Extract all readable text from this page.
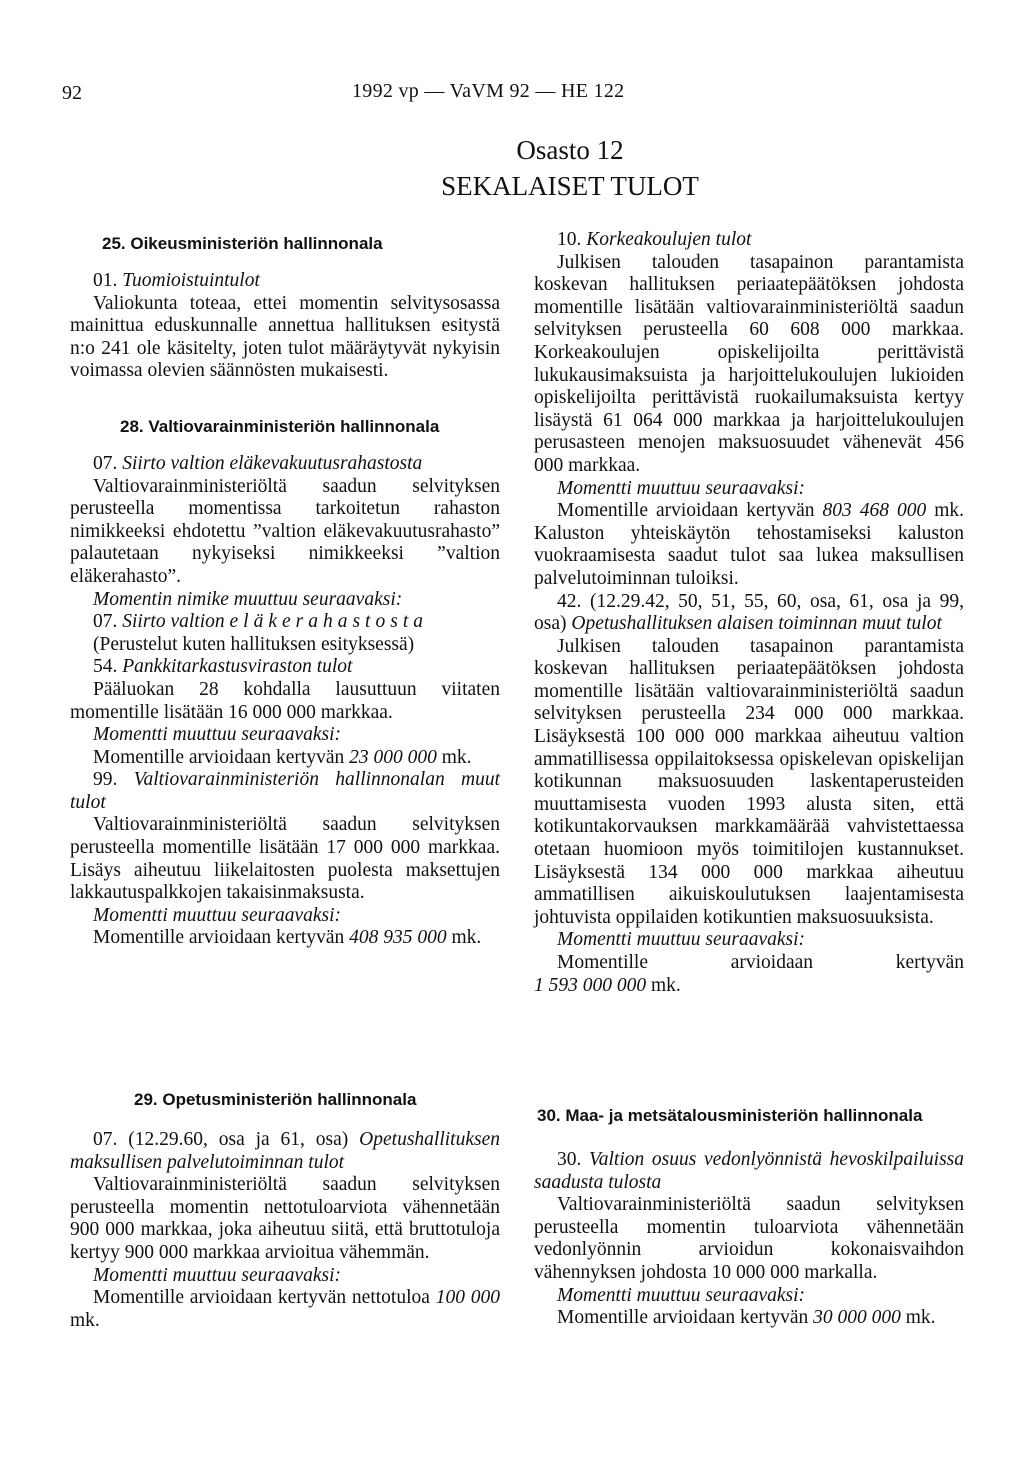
92	1992 vp — VaVM 92 — HE 122
Osasto 12
SEKALAISET TULOT

25. Oikeusministeriön hallinnonala

01. Tuomioistuintulot

Valiokunta toteaa, ettei momentin selvitysosassa mainittua eduskunnalle annettua hallituksen esitystä n:o 241 ole käsitelty, joten tulot määräytyvät nykyisin voimassa olevien säännösten mukaisesti.

28. Valtiovarainministeriön hallinnonala

07. Siirto valtion eläkevakuutusrahastosta

Valtiovarainministeriöltä saadun selvityksen perusteella momentissa tarkoitetun rahaston nimikkeeksi ehdotettu ”valtion eläkevakuutusrahasto” palautetaan nykyiseksi nimikkeeksi ”valtion eläkerahasto”.

Momentin nimike muuttuu seuraavaksi:

07. Siirto valtion eläkerahastosta

(Perustelut kuten hallituksen esityksessä)

54. Pankkitarkastusviraston tulot

Pääluokan 28 kohdalla lausuttuun viitaten momentille lisätään 16 000 000 markkaa.

Momentti muuttuu seuraavaksi:

Momentille arvioidaan kertyvän 23 000 000 mk.

99. Valtiovarainministeriön hallinnonalan muut tulot

Valtiovarainministeriöltä saadun selvityksen perusteella momentille lisätään 17 000 000 markkaa. Lisäys aiheutuu liikelaitosten puolesta maksettujen lakkautuspalkkojen takaisinmaksusta.

Momentti muuttuu seuraavaksi:

Momentille arvioidaan kertyvän 408 935 000 mk.

29. Opetusministeriön hallinnonala

07. (12.29.60, osa ja 61, osa) Opetushallituksen maksullisen palvelutoiminnan tulot

Valtiovarainministeriöltä saadun selvityksen perusteella momentin nettotuloarviota vähennetään 900 000 markkaa, joka aiheutuu siitä, että bruttotuloja kertyy 900 000 markkaa arvioitua vähemmän.

Momentti muuttuu seuraavaksi:

Momentille arvioidaan kertyvän nettotuloa 100 000 mk.

10. Korkeakoulujen tulot

Julkisen talouden tasapainon parantamista koskevan hallituksen periaatepäätöksen johdosta momentille lisätään valtiovarainministeriöltä saadun selvityksen perusteella 60 608 000 markkaa. Korkeakoulujen opiskelijoilta perittävistä lukukausimaksuista ja harjoittelukoulujen lukioiden opiskelijoilta perittävistä ruokailumaksuista kertyy lisäystä 61 064 000 markkaa ja harjoittelukoulujen perusasteen menojen maksuosuudet vähenevät 456 000 markkaa.

Momentti muuttuu seuraavaksi:

Momentille arvioidaan kertyvän 803 468 000 mk. Kaluston yhteiskäytön tehostamiseksi kaluston vuokraamisesta saadut tulot saa lukea maksullisen palvelutoiminnan tuloiksi.

42. (12.29.42, 50, 51, 55, 60, osa, 61, osa ja 99, osa) Opetushallituksen alaisen toiminnan muut tulot

Julkisen talouden tasapainon parantamista koskevan hallituksen periaatepäätöksen johdosta momentille lisätään valtiovarainministeriöltä saadun selvityksen perusteella 234 000 000 markkaa. Lisäyksestä 100 000 000 markkaa aiheutuu valtion ammatillisessa oppilaitoksessa opiskelevan opiskelijan kotikunnan maksuosuuden laskentaperusteiden muuttamisesta vuoden 1993 alusta siten, että kotikuntakorvauksen markkamäärää vahvistettaessa otetaan huomioon myös toimitilojen kustannukset. Lisäyksestä 134 000 000 markkaa aiheutuu ammatillisen aikuiskoulutuksen laajentamisesta johtuvista oppilaiden kotikuntien maksuosuuksista.

Momentti muuttuu seuraavaksi:

Momentille arvioidaan kertyvän

1 593 000 000 mk.

30. Maa- ja metsätalousministeriön hallinnonala

30. Valtion osuus vedonlyönnistä hevoskilpailuissa saadusta tulosta

Valtiovarainministeriöltä saadun selvityksen perusteella momentin tuloarviota vähennetään vedonlyönnin arvioidun kokonaisvaihdon vähennyksen johdosta 10 000 000 markalla.

Momentti muuttuu seuraavaksi:

Momentille arvioidaan kertyvän 30 000 000 mk.
